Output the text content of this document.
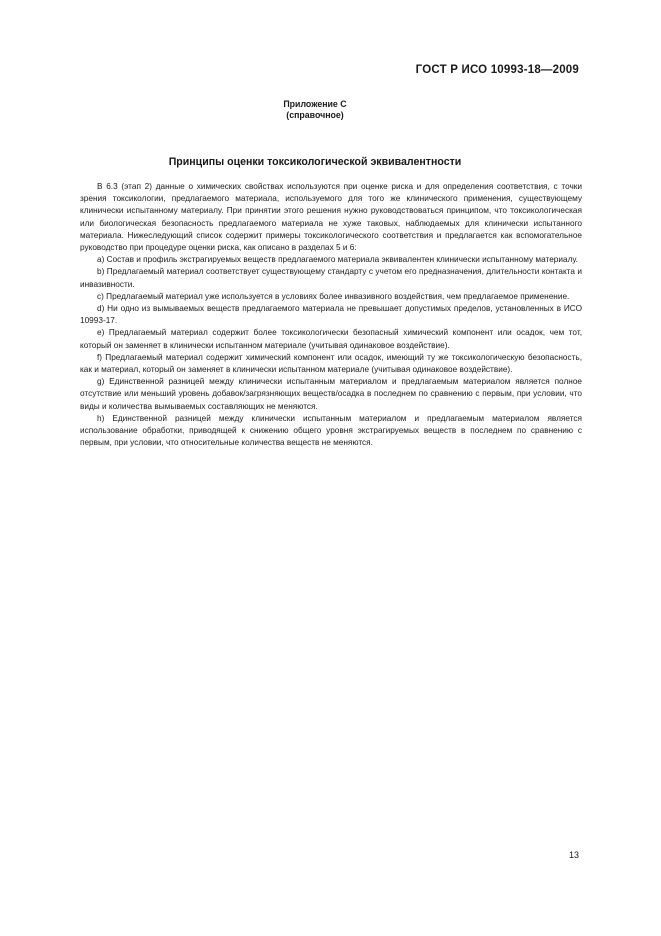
ГОСТ Р ИСО 10993-18—2009
Приложение С
(справочное)
Принципы оценки токсикологической эквивалентности

В 6.3 (этап 2) данные о химических свойствах используются при оценке риска и для определения соответствия, с точки зрения токсикологии, предлагаемого материала, используемого для того же клинического применения, существующему клинически испытанному материалу. При принятии этого решения нужно руководствоваться принципом, что токсикологическая или биологическая безопасность предлагаемого материала не хуже таковых, наблюдаемых для клинически испытанного материала. Нижеследующий список содержит примеры токсикологического соответствия и предлагается как вспомогательное руководство при процедуре оценки риска, как описано в разделах 5 и 6:

a) Состав и профиль экстрагируемых веществ предлагаемого материала эквивалентен клинически испытанному материалу.

b) Предлагаемый материал соответствует существующему стандарту с учетом его предназначения, длительности контакта и инвазивности.

c) Предлагаемый материал уже используется в условиях более инвазивного воздействия, чем предлагаемое применение.

d) Ни одно из вымываемых веществ предлагаемого материала не превышает допустимых пределов, установленных в ИСО 10993-17.

e) Предлагаемый материал содержит более токсикологически безопасный химический компонент или осадок, чем тот, который он заменяет в клинически испытанном материале (учитывая одинаковое воздействие).

f) Предлагаемый материал содержит химический компонент или осадок, имеющий ту же токсикологическую безопасность, как и материал, который он заменяет в клинически испытанном материале (учитывая одинаковое воздействие).

g) Единственной разницей между клинически испытанным материалом и предлагаемым материалом является полное отсутствие или меньший уровень добавок/загрязняющих веществ/осадка в последнем по сравнению с первым, при условии, что виды и количества вымываемых составляющих не меняются.

h) Единственной разницей между клинически испытанным материалом и предлагаемым материалом является использование обработки, приводящей к снижению общего уровня экстрагируемых веществ в последнем по сравнению с первым, при условии, что относительные количества веществ не меняются.

13
